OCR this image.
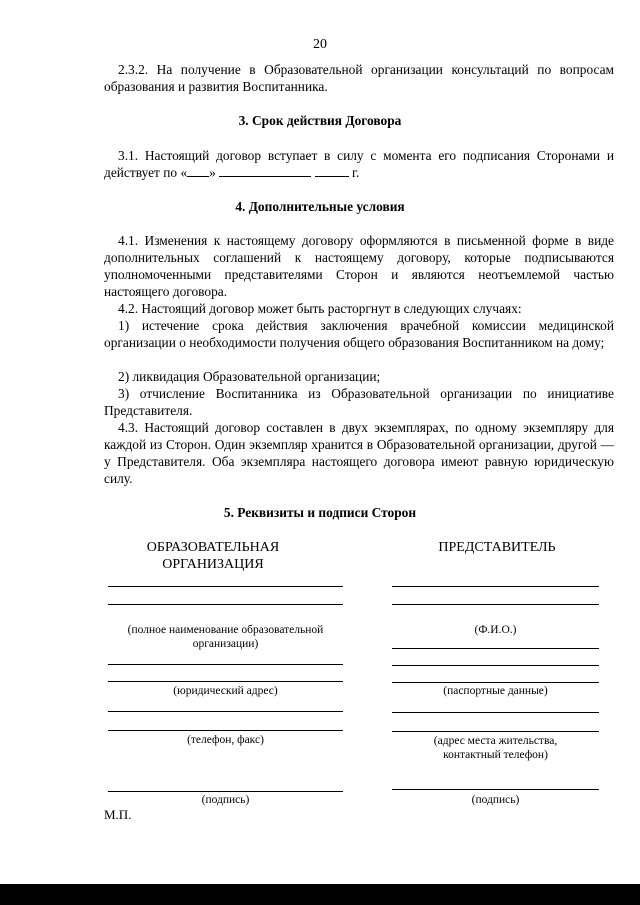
20
2.3.2. На получение в Образовательной организации консультаций по вопросам образования и развития Воспитанника.
3. Срок действия Договора
3.1. Настоящий договор вступает в силу с момента его подписания Сторонами и действует по « »	г.
4. Дополнительные условия
4.1. Изменения к настоящему договору оформляются в письменной форме в виде дополнительных соглашений к настоящему договору, которые подписываются уполномоченными представителями Сторон и являются неотъемлемой частью настоящего договора.
4.2. Настоящий договор может быть расторгнут в следующих случаях:
1) истечение срока действия заключения врачебной комиссии медицинской организации о необходимости получения общего образования Воспитанником на дому;
2) ликвидация Образовательной организации;
3) отчисление Воспитанника из Образовательной организации по инициативе Представителя.
4.3. Настоящий договор составлен в двух экземплярах, по одному экземпляру для каждой из Сторон. Один экземпляр хранится в Образовательной организации, другой — у Представителя. Оба экземпляра настоящего договора имеют равную юридическую силу.
5. Реквизиты и подписи Сторон
ОБРАЗОВАТЕЛЬНАЯ
ОРГАНИЗАЦИЯ
ПРЕДСТАВИТЕЛЬ
(полное наименование образовательной
организации)
(юридический адрес)
(телефон, факс)
(подпись)
(Ф.И.О.)
(паспортные данные)
(адрес места жительства,
контактный телефон)
(подпись)
М.П.
